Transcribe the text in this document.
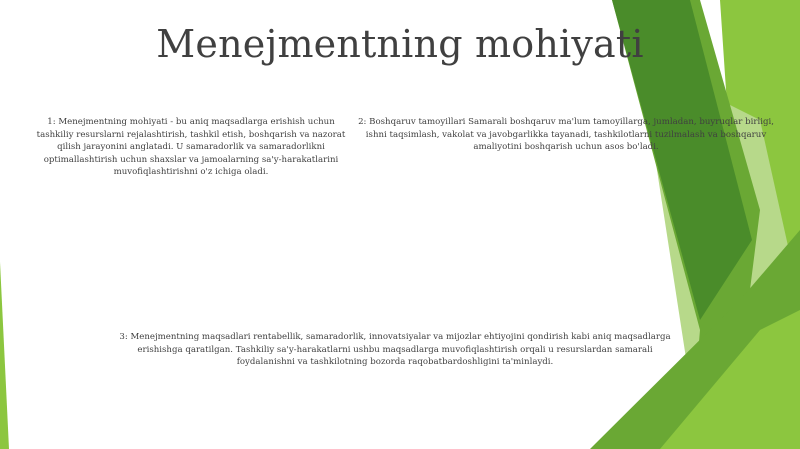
Menejmentning mohiyati
1: Menejmentning mohiyati - bu aniq maqsadlarga erishish uchun tashkiliy resurslarni rejalashtirish, tashkil etish, boshqarish va nazorat qilish jarayonini anglatadi. U samaradorlik va samaradorlikni optimallashtirish uchun shaxslar va jamoalarning sa'y-harakatlarini muvofiqlashtirishni o'z ichiga oladi.
2: Boshqaruv tamoyillari Samarali boshqaruv ma'lum tamoyillarga, jumladan, buyruqlar birligi, ishni taqsimlash, vakolat va javobgarlikka tayanadi, tashkilotlarni tuzilmalash va boshqaruv amaliyotini boshqarish uchun asos bo'ladi.
3: Menejmentning maqsadlari rentabellik, samaradorlik, innovatsiyalar va mijozlar ehtiyojini qondirish kabi aniq maqsadlarga erishishga qaratilgan. Tashkiliy sa'y-harakatlarni ushbu maqsadlarga muvofiqlashtirish orqali u resurslardan samarali foydalanishni va tashkilotning bozorda raqobatbardoshligini ta'minlaydi.
